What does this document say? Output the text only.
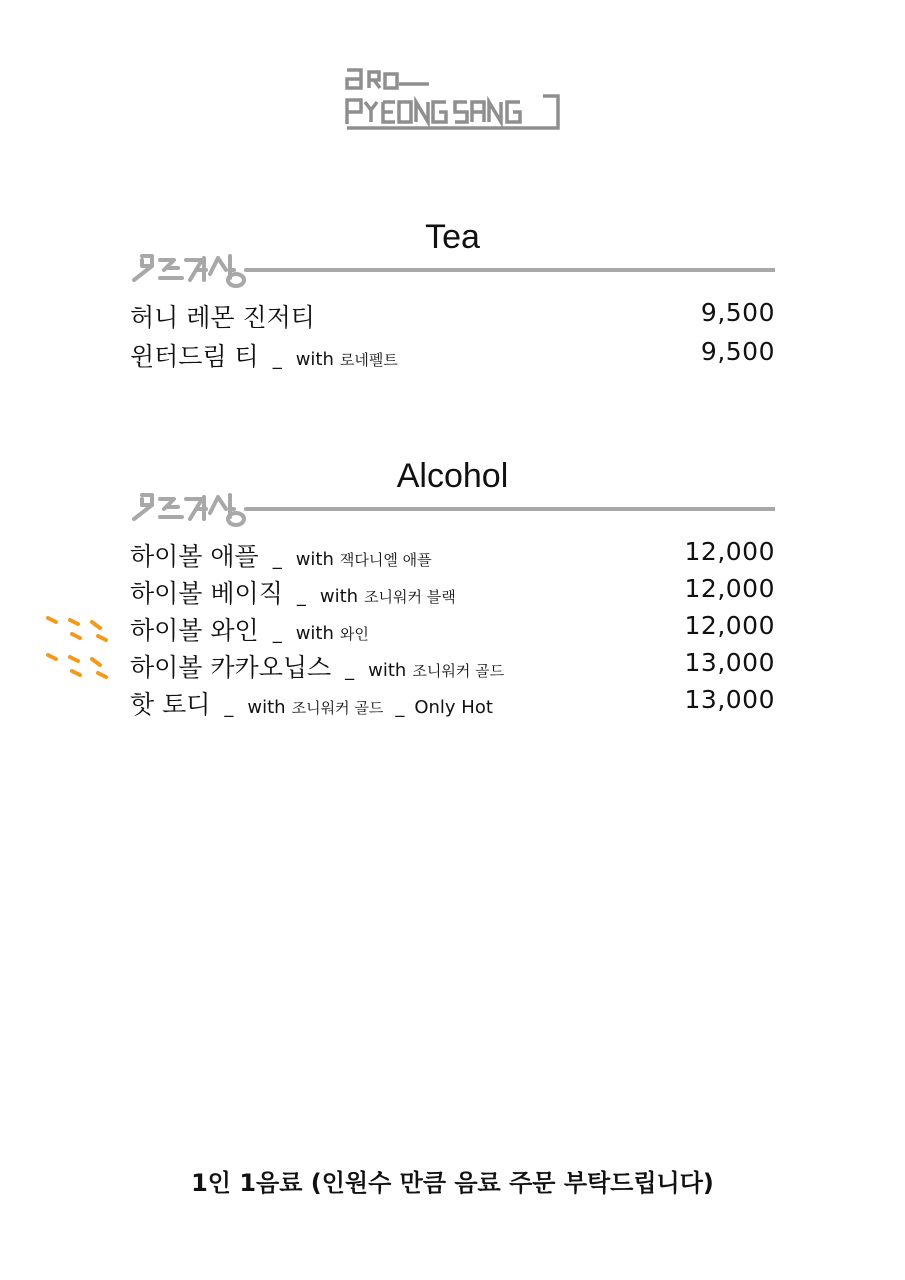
Tea
허니 레몬 진저티	9,500
윈터드림 티 _ with 로네펠트	9,500
Alcohol
하이볼 애플 _ with 잭다니엘 애플	12,000
하이볼 베이직 _ with 조니워커 블랙	12,000
하이볼 와인 _ with 와인	12,000
하이볼 카카오닙스 _ with 조니워커 골드	13,000
핫 토디 _ with 조니워커 골드 _ Only Hot	13,000
1인 1음료 (인원수 만큼 음료 주문 부탁드립니다)
